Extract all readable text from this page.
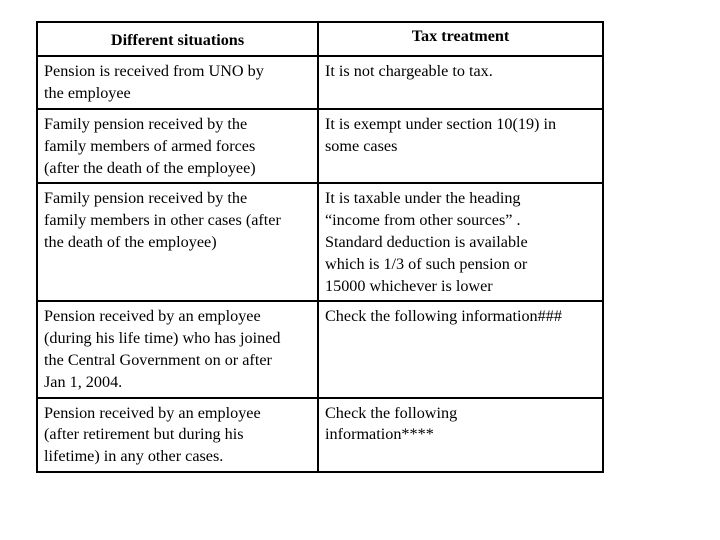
Different situations	Tax treatment
Pension is received from UNO by
the employee	It is not chargeable to tax.
Family pension received by the
family members of armed forces
(after the death of the employee)	It is exempt under section 10(19) in
some cases
Family pension received by the
family members in other cases (after
the death of the employee)	It is taxable under the heading
“income from other sources” .
Standard deduction is available
which is 1/3 of such pension or
15000 whichever is lower
Pension received by an employee
(during his life time) who has joined
the Central Government on or after
Jan 1, 2004.	Check the following information###
Pension received by an employee
(after retirement but during his
lifetime) in any other cases.	Check the following
information****
